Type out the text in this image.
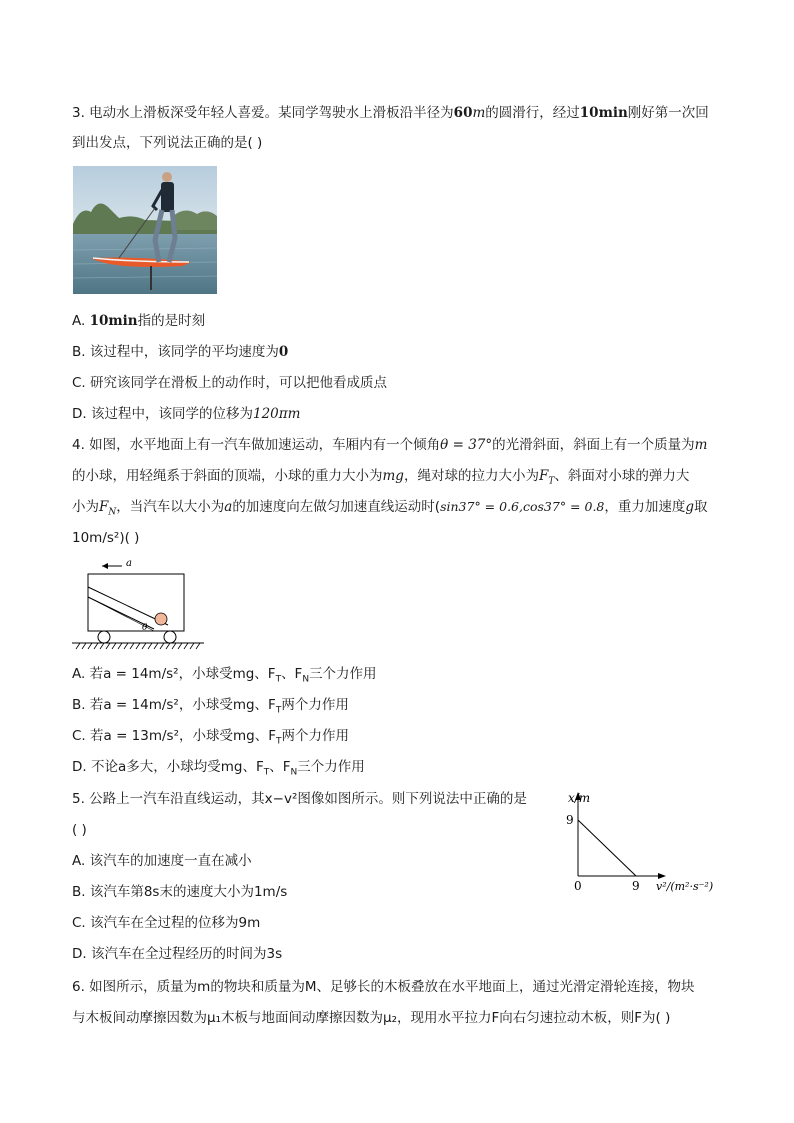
3. 电动水上滑板深受年轻人喜爱。某同学驾驶水上滑板沿半径为60m的圆滑行，经过10min刚好第一次回
到出发点，下列说法正确的是( )
A. 10min指的是时刻
B. 该过程中，该同学的平均速度为0
C. 研究该同学在滑板上的动作时，可以把他看成质点
D. 该过程中，该同学的位移为120πm
4. 如图，水平地面上有一汽车做加速运动，车厢内有一个倾角θ = 37°的光滑斜面，斜面上有一个质量为m
的小球，用轻绳系于斜面的顶端，小球的重力大小为mg，绳对球的拉力大小为$F_T$、斜面对小球的弹力大
小为$F_N$，当汽车以大小为a的加速度向左做匀加速直线运动时(sin37° = 0.6,cos37° = 0.8，重力加速度g取
10m/s²)( )
a
θ
A. 若a = 14m/s²，小球受mg、$F_T$、$F_N$三个力作用
B. 若a = 14m/s²，小球受mg、$F_T$两个力作用
C. 若a = 13m/s²，小球受mg、$F_T$两个力作用
D. 不论a多大，小球均受mg、$F_T$、$F_N$三个力作用
5. 公路上一汽车沿直线运动，其x−v²图像如图所示。则下列说法中正确的是
( )
A. 该汽车的加速度一直在减小
B. 该汽车第8s末的速度大小为1m/s
C. 该汽车在全过程的位移为9m
D. 该汽车在全过程经历的时间为3s
x/m
9
0	9 v²/(m²·s⁻²)
6. 如图所示，质量为m的物块和质量为M、足够长的木板叠放在水平地面上，通过光滑定滑轮连接，物块
与木板间动摩擦因数为μ₁木板与地面间动摩擦因数为μ₂，现用水平拉力F向右匀速拉动木板，则F为( )
